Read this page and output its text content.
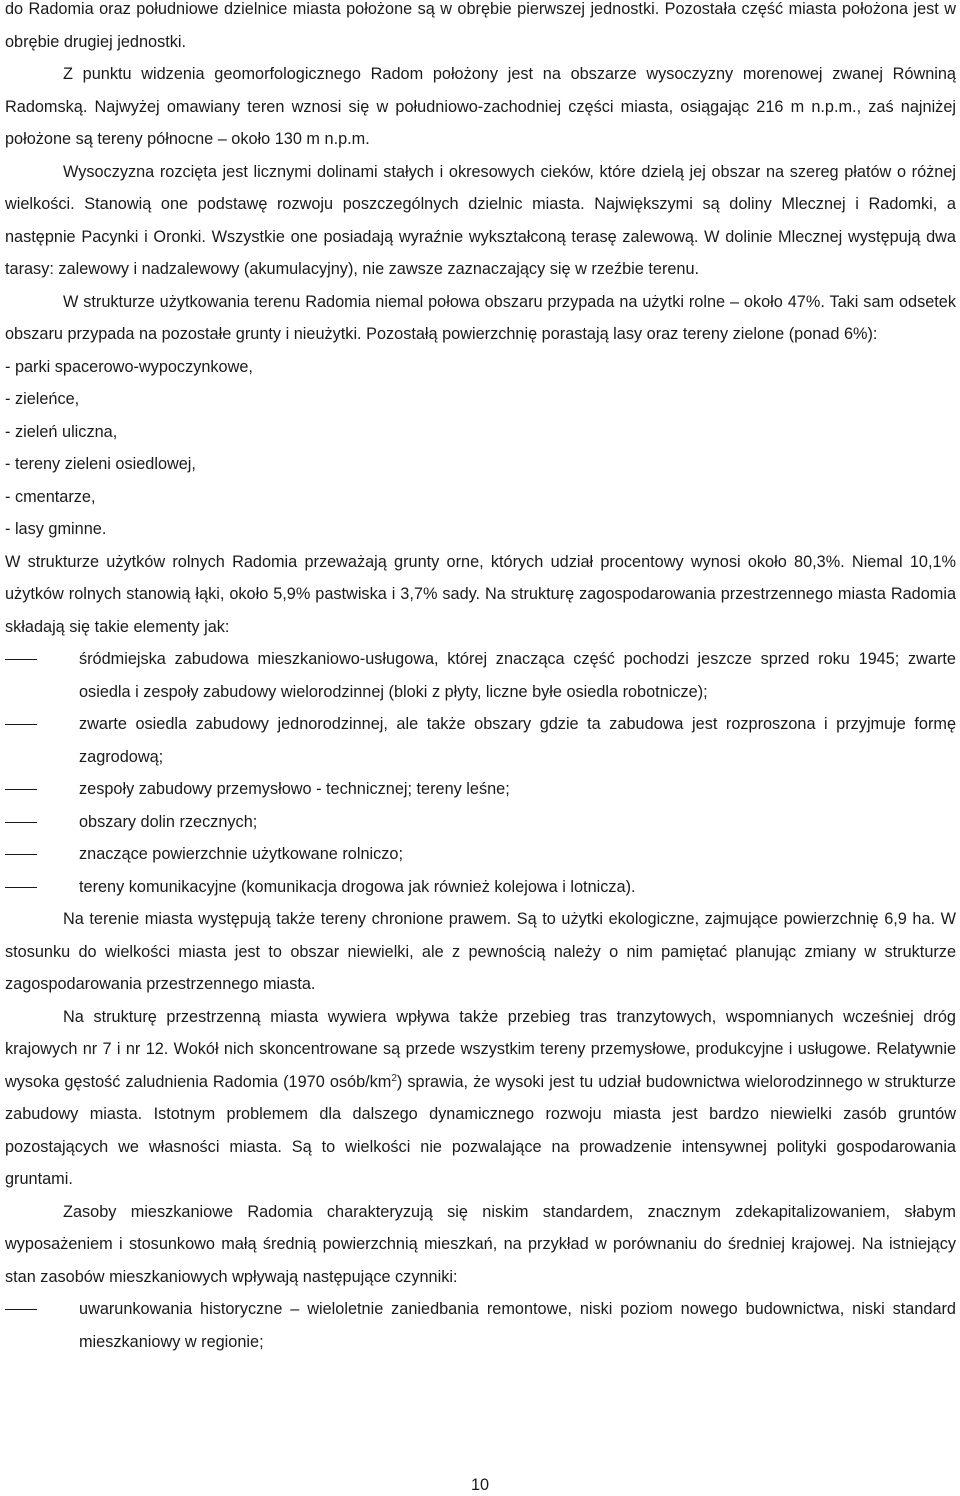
do Radomia oraz południowe dzielnice miasta położone są w obrębie pierwszej jednostki. Pozostała część miasta położona jest w obrębie drugiej jednostki.

Z punktu widzenia geomorfologicznego Radom położony jest na obszarze wysoczyzny morenowej zwanej Równiną Radomską. Najwyżej omawiany teren wznosi się w południowo-zachodniej części miasta, osiągając 216 m n.p.m., zaś najniżej położone są tereny północne – około 130 m n.p.m.

Wysoczyzna rozcięta jest licznymi dolinami stałych i okresowych cieków, które dzielą jej obszar na szereg płatów o różnej wielkości. Stanowią one podstawę rozwoju poszczególnych dzielnic miasta. Największymi są doliny Mlecznej i Radomki, a następnie Pacynki i Oronki. Wszystkie one posiadają wyraźnie wykształconą terasę zalewową. W dolinie Mlecznej występują dwa tarasy: zalewowy i nadzalewowy (akumulacyjny), nie zawsze zaznaczający się w rzeźbie terenu.

W strukturze użytkowania terenu Radomia niemal połowa obszaru przypada na użytki rolne – około 47%. Taki sam odsetek obszaru przypada na pozostałe grunty i nieużytki. Pozostałą powierzchnię porastają lasy oraz tereny zielone (ponad 6%):

- parki spacerowo-wypoczynkowe,

- zieleńce,

- zieleń uliczna,

- tereny zieleni osiedlowej,

- cmentarze,

- lasy gminne.

W strukturze użytków rolnych Radomia przeważają grunty orne, których udział procentowy wynosi około 80,3%. Niemal 10,1% użytków rolnych stanowią łąki, około 5,9% pastwiska i 3,7% sady. Na strukturę zagospodarowania przestrzennego miasta Radomia składają się takie elementy jak:

śródmiejska zabudowa mieszkaniowo-usługowa, której znacząca część pochodzi jeszcze sprzed roku 1945; zwarte osiedla i zespoły zabudowy wielorodzinnej (bloki z płyty, liczne byłe osiedla robotnicze);
zwarte osiedla zabudowy jednorodzinnej, ale także obszary gdzie ta zabudowa jest rozproszona i przyjmuje formę zagrodową;
zespoły zabudowy przemysłowo - technicznej; tereny leśne;
obszary dolin rzecznych;
znaczące powierzchnie użytkowane rolniczo;
tereny komunikacyjne (komunikacja drogowa jak również kolejowa i lotnicza).

Na terenie miasta występują także tereny chronione prawem. Są to użytki ekologiczne, zajmujące powierzchnię 6,9 ha. W stosunku do wielkości miasta jest to obszar niewielki, ale z pewnością należy o nim pamiętać planując zmiany w strukturze zagospodarowania przestrzennego miasta.

Na strukturę przestrzenną miasta wywiera wpływa także przebieg tras tranzytowych, wspomnianych wcześniej dróg krajowych nr 7 i nr 12. Wokół nich skoncentrowane są przede wszystkim tereny przemysłowe, produkcyjne i usługowe. Relatywnie wysoka gęstość zaludnienia Radomia (1970 osób/$km^2$) sprawia, że wysoki jest tu udział budownictwa wielorodzinnego w strukturze zabudowy miasta. Istotnym problemem dla dalszego dynamicznego rozwoju miasta jest bardzo niewielki zasób gruntów pozostających we własności miasta. Są to wielkości nie pozwalające na prowadzenie intensywnej polityki gospodarowania gruntami.

Zasoby mieszkaniowe Radomia charakteryzują się niskim standardem, znacznym zdekapitalizowaniem, słabym wyposażeniem i stosunkowo małą średnią powierzchnią mieszkań, na przykład w porównaniu do średniej krajowej. Na istniejący stan zasobów mieszkaniowych wpływają następujące czynniki:

uwarunkowania historyczne – wieloletnie zaniedbania remontowe, niski poziom nowego budownictwa, niski standard mieszkaniowy w regionie;
10
